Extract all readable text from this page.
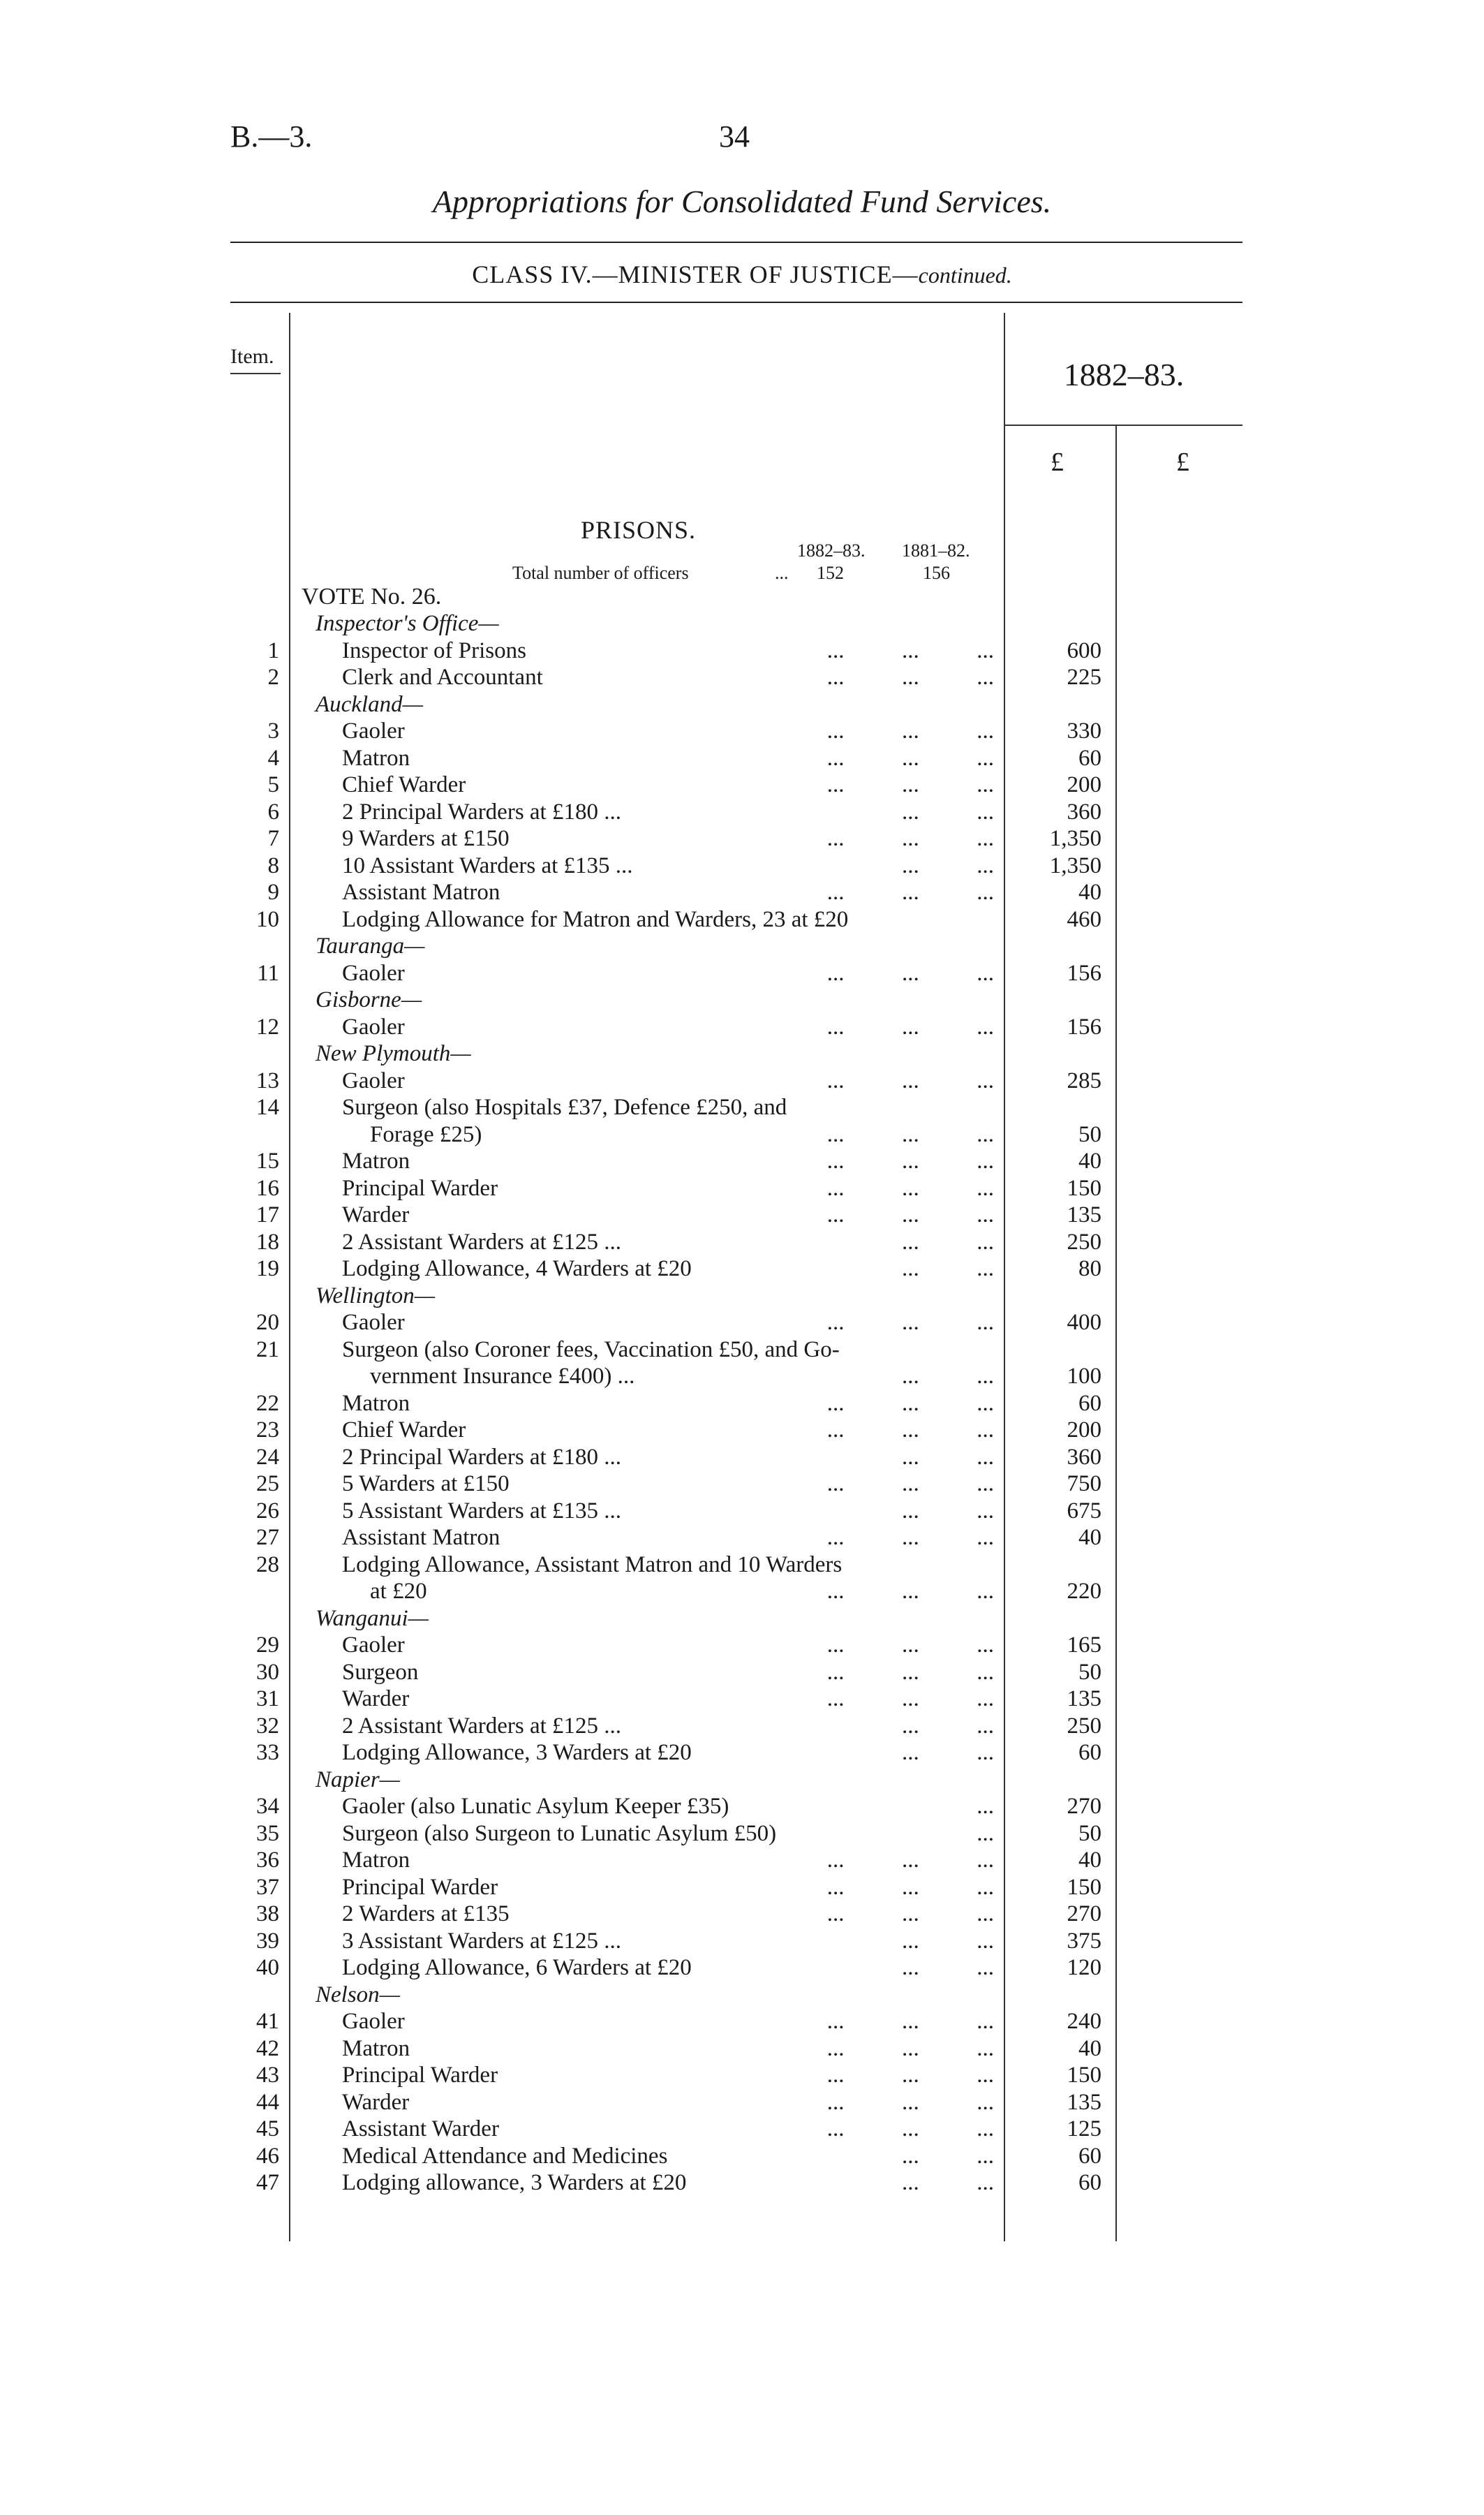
B.—3.	34
Appropriations for Consolidated Fund Services.
CLASS IV.—MINISTER OF JUSTICE—continued.
Item.
1882–83.
£	£
PRISONS.
1882–83. 1881–82.
Total number of officers	... 152	156
VOTE No. 26.
Inspector's Office—
1	Inspector of Prisons	...          ...          ...	600
2	Clerk and Accountant	...          ...          ...	225
Auckland—
3	Gaoler	...          ...          ...	330
4	Matron	...          ...          ...	60
5	Chief Warder	...          ...          ...	200
6	2 Principal Warders at £180 ...	...          ...	360
7	9 Warders at £150	...          ...          ...	1,350
8	10 Assistant Warders at £135 ...	...          ...	1,350
9	Assistant Matron	...          ...          ...	40
10	Lodging Allowance for Matron and Warders, 23 at £20	460
Tauranga—
11	Gaoler	...          ...          ...	156
Gisborne—
12	Gaoler	...          ...          ...	156
New Plymouth—
13	Gaoler	...          ...          ...	285
14	Surgeon (also Hospitals £37, Defence £250, and
Forage £25)	...          ...          ...	50
15	Matron	...          ...          ...	40
16	Principal Warder	...          ...          ...	150
17	Warder	...          ...          ...	135
18	2 Assistant Warders at £125 ...	...          ...	250
19	Lodging Allowance, 4 Warders at £20	...          ...	80
Wellington—
20	Gaoler	...          ...          ...	400
21	Surgeon (also Coroner fees, Vaccination £50, and Go-
vernment Insurance £400) ...	...          ...	100
22	Matron	...          ...          ...	60
23	Chief Warder	...          ...          ...	200
24	2 Principal Warders at £180 ...	...          ...	360
25	5 Warders at £150	...          ...          ...	750
26	5 Assistant Warders at £135 ...	...          ...	675
27	Assistant Matron	...          ...          ...	40
28	Lodging Allowance, Assistant Matron and 10 Warders
at £20	...          ...          ...	220
Wanganui—
29	Gaoler	...          ...          ...	165
30	Surgeon	...          ...          ...	50
31	Warder	...          ...          ...	135
32	2 Assistant Warders at £125 ...	...          ...	250
33	Lodging Allowance, 3 Warders at £20	...          ...	60
Napier—
34	Gaoler (also Lunatic Asylum Keeper £35)	...	270
35	Surgeon (also Surgeon to Lunatic Asylum £50)	...	50
36	Matron	...          ...          ...	40
37	Principal Warder	...          ...          ...	150
38	2 Warders at £135	...          ...          ...	270
39	3 Assistant Warders at £125 ...	...          ...	375
40	Lodging Allowance, 6 Warders at £20	...          ...	120
Nelson—
41	Gaoler	...          ...          ...	240
42	Matron	...          ...          ...	40
43	Principal Warder	...          ...          ...	150
44	Warder	...          ...          ...	135
45	Assistant Warder	...          ...          ...	125
46	Medical Attendance and Medicines	...          ...	60
47	Lodging allowance, 3 Warders at £20	...          ...	60
